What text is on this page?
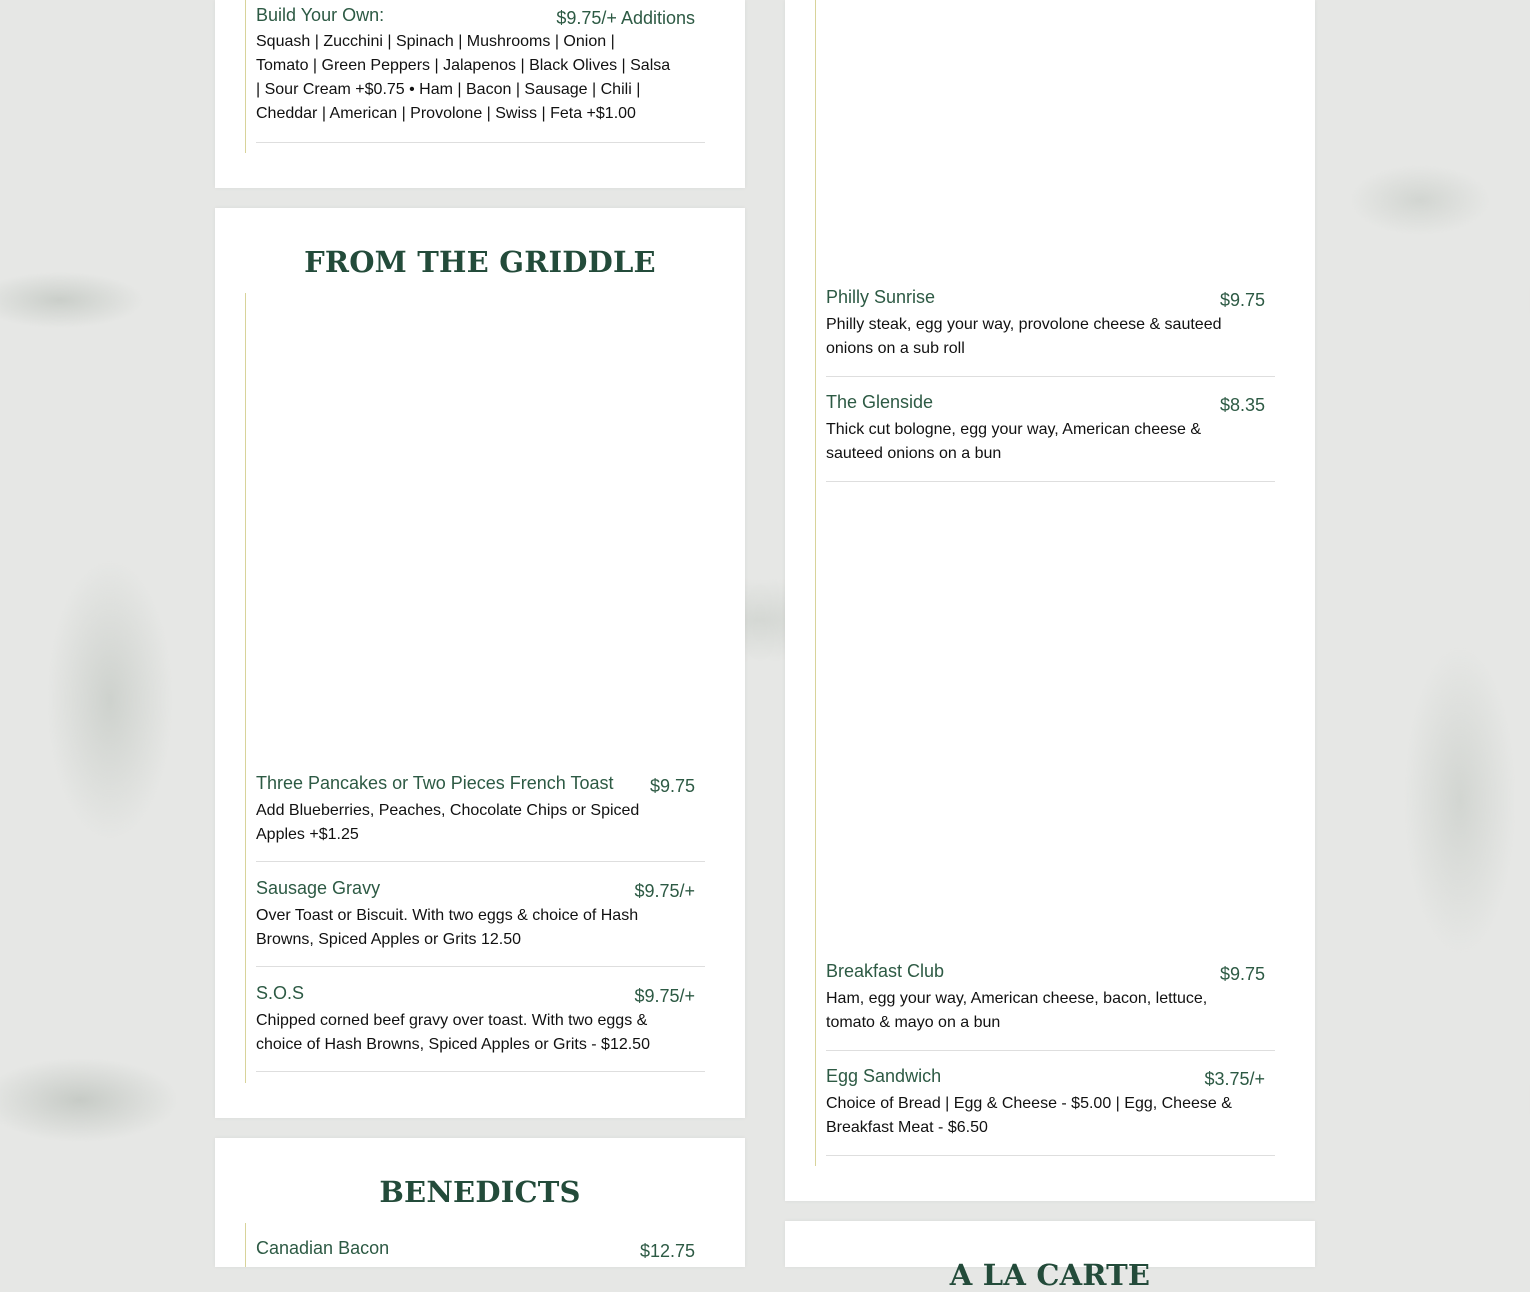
Build Your Own:	$9.75/+ Additions
Squash | Zucchini | Spinach | Mushrooms | Onion |
Tomato | Green Peppers | Jalapenos | Black Olives | Salsa
| Sour Cream +$0.75 • Ham | Bacon | Sausage | Chili |
Cheddar | American | Provolone | Swiss | Feta +$1.00
FROM THE GRIDDLE
Three Pancakes or Two Pieces French Toast $9.75
Add Blueberries, Peaches, Chocolate Chips or Spiced
Apples +$1.25
Sausage Gravy	$9.75/+
Over Toast or Biscuit. With two eggs & choice of Hash
Browns, Spiced Apples or Grits 12.50
S.O.S	$9.75/+
Chipped corned beef gravy over toast. With two eggs &
choice of Hash Browns, Spiced Apples or Grits - $12.50
BENEDICTS
Canadian Bacon	$12.75
Philly Sunrise	$9.75
Philly steak, egg your way, provolone cheese & sauteed
onions on a sub roll
The Glenside	$8.35
Thick cut bologne, egg your way, American cheese &
sauteed onions on a bun
Breakfast Club	$9.75
Ham, egg your way, American cheese, bacon, lettuce,
tomato & mayo on a bun
Egg Sandwich	$3.75/+
Choice of Bread | Egg & Cheese - $5.00 | Egg, Cheese &
Breakfast Meat - $6.50
A LA CARTE
